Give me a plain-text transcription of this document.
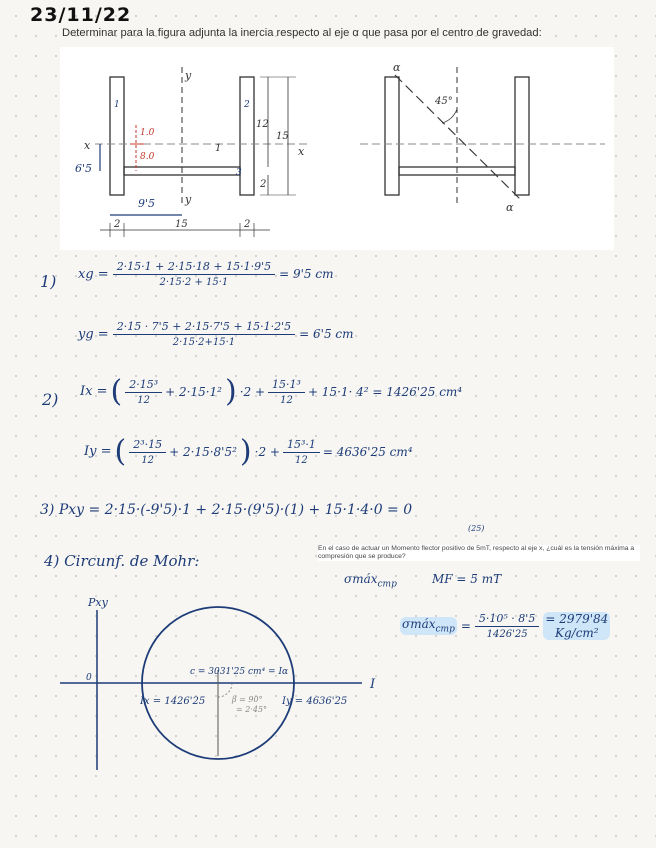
23/11/22
Determinar para la figura adjunta la inercia respecto al eje α que pasa por el centro de gravedad:
y
y
x	x
1	2
3
12
15
2
1
2	15	2
45°
α
α
1.0
8.0
6'5
9'5
1) xg = $\frac{2\cdot 15\cdot 1 + 2\cdot 15\cdot 18 + 15\cdot 1\cdot 9'5}{2\cdot 15\cdot 2 + 15\cdot 1} = 9'5$ cm
yg = $\frac{2\cdot 15 \cdot 7'5 + 2\cdot 15\cdot 7'5 + 15\cdot 1\cdot 2'5}{2\cdot 15\cdot 2+15\cdot 1} = 6'5$ cm
2) Ix = ( $\frac{\text{2·15³}}{12} + 2\cdot 15\cdot 1^2$ ) $\cdot 2 + \frac{\text{15·1³}}{12} + 15\cdot 1\cdot 4^2 = 1426'25$ cm⁴
Iy = ( $\frac{\text{2³·15}}{12} + 2\cdot 15\cdot 8'5^2$ ) $\cdot 2 + \frac{\text{15³·1}}{12} = 4636'25$ cm⁴
3) Pxy = 2·15·(-9'5)·1 + 2·15·(9'5)·(1) + 15·1·4·0 = 0
(25)
4) Circunf. de Mohr:
En el caso de actuar un Momento flector positivo de 5mT, respecto al eje x, ¿cuál es la tensión máxima a compresión que se produce?
σmáx$_{cmp}$	MF = 5 mT
σmáx$_{cmp}$ = $\frac{\text{5·10⁵ · 8'5}}{1426'25} = 2979'84$
Kg/cm²
Pxy
0	I
Ix = 1426'25	Iy = 4636'25
c = 3031'25 cm⁴ = Iα
β = 90°
= 2·45°
